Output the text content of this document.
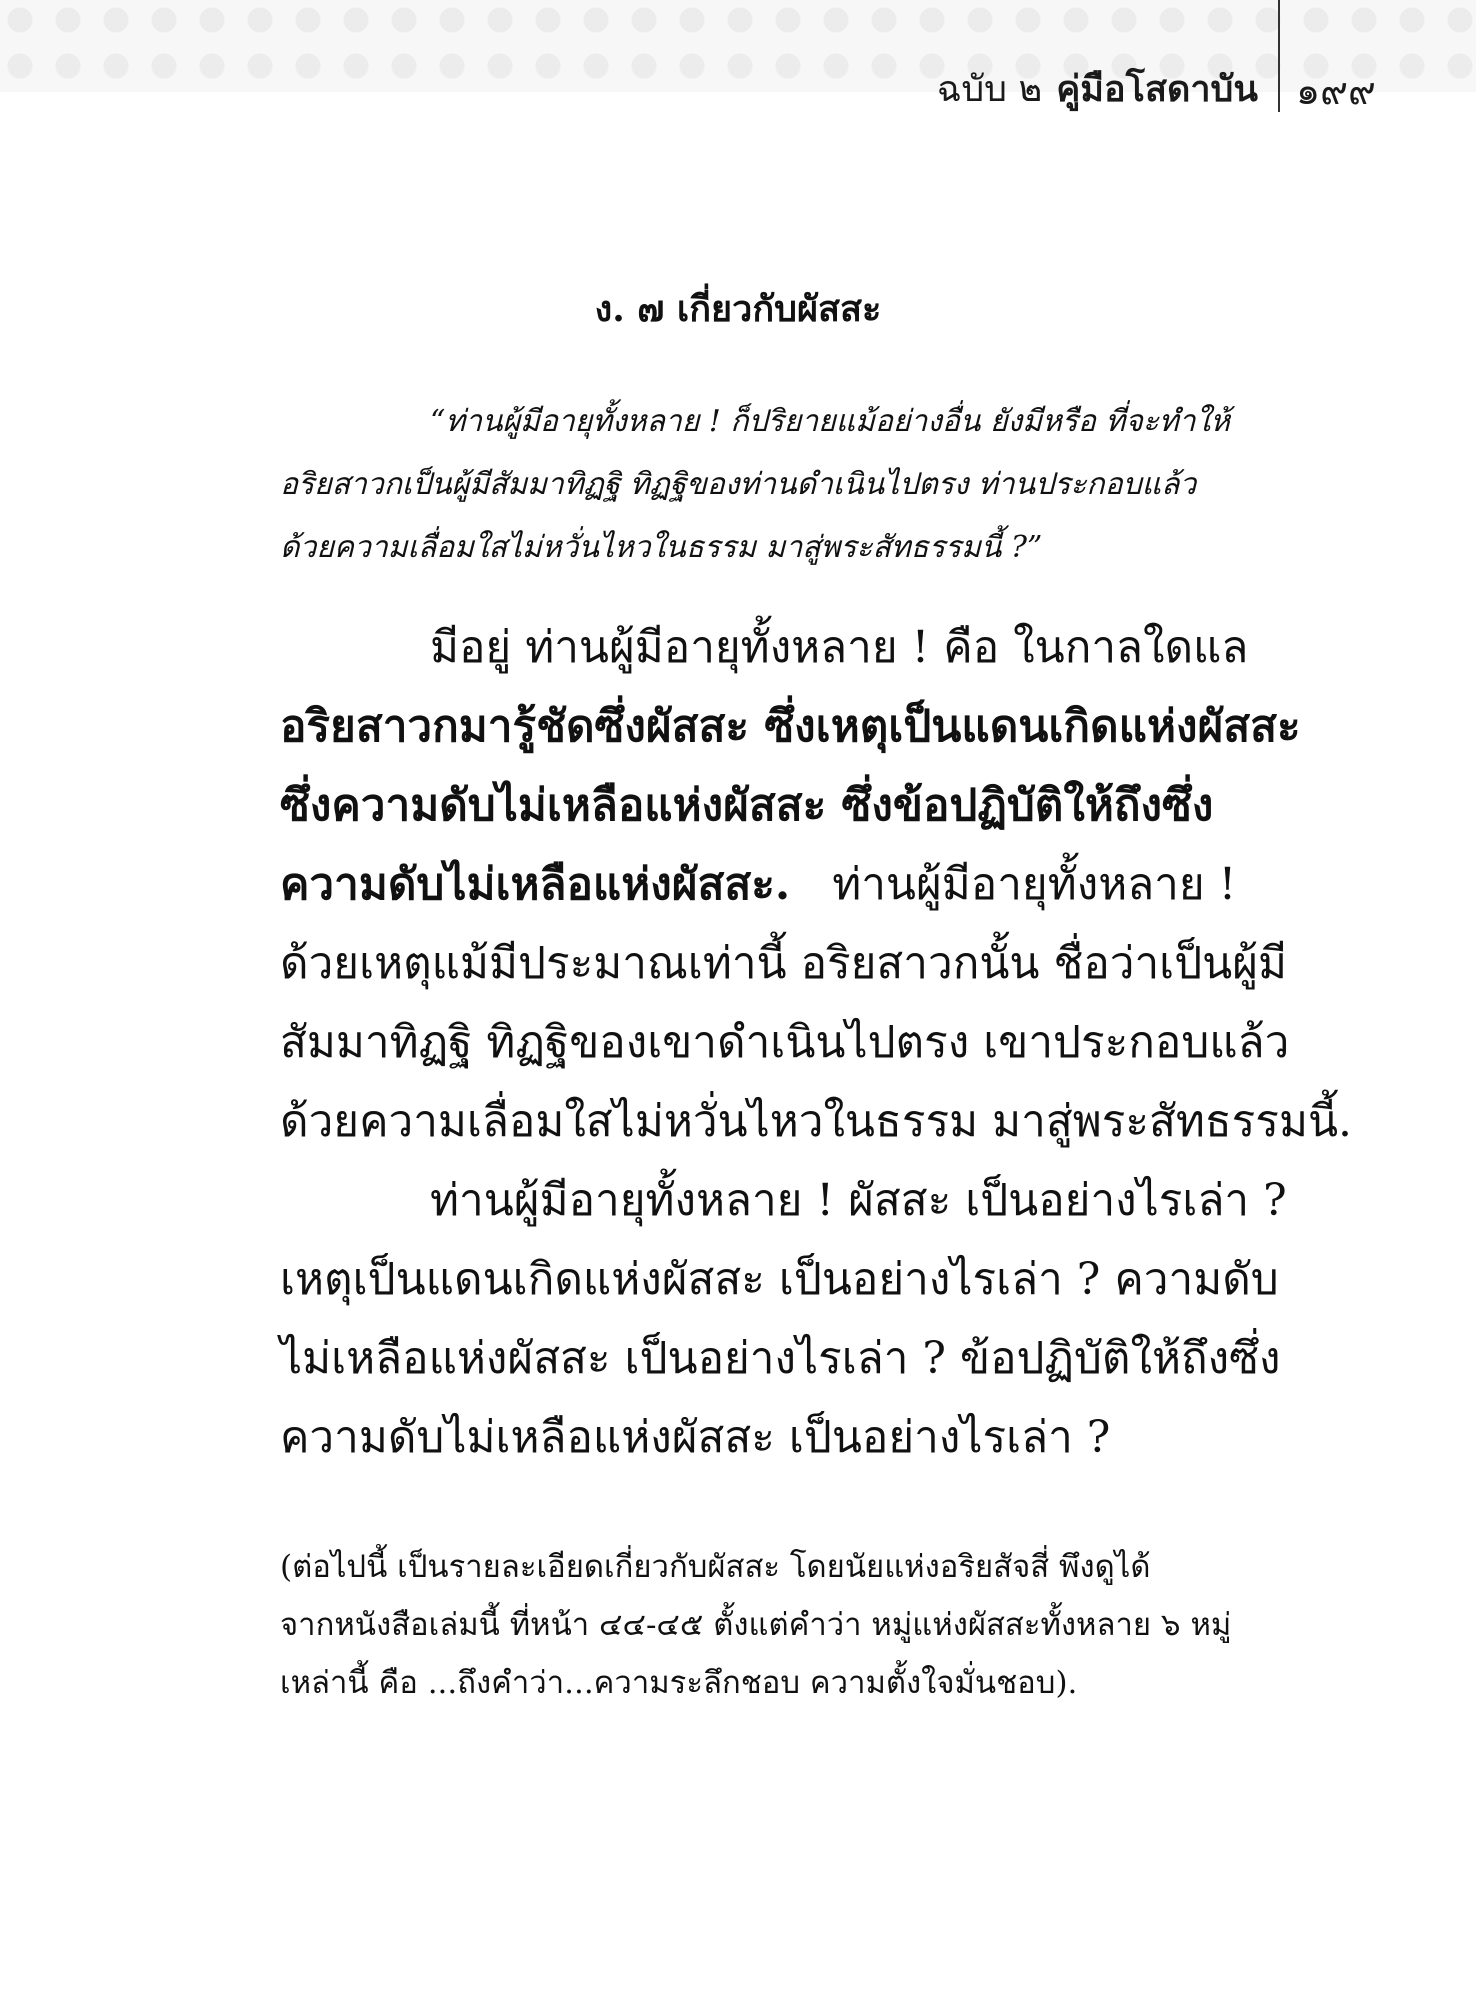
ฉบับ ๒ คู่มือโสดาบัน ๑๙๙
ง. ๗ เกี่ยวกับผัสสะ

“ท่านผู้มีอายุทั้งหลาย ! ก็ปริยายแม้อย่างอื่น ยังมีหรือ ที่จะทำให้

อริยสาวกเป็นผู้มีสัมมาทิฏฐิ ทิฏฐิของท่านดำเนินไปตรง ท่านประกอบแล้ว

ด้วยความเลื่อมใสไม่หวั่นไหวในธรรม มาสู่พระสัทธรรมนี้ ?”

มีอยู่ ท่านผู้มีอายุทั้งหลาย ! คือ ในกาลใดแล

อริยสาวกมารู้ชัดซึ่งผัสสะ ซึ่งเหตุเป็นแดนเกิดแห่งผัสสะ

ซึ่งความดับไม่เหลือแห่งผัสสะ ซึ่งข้อปฏิบัติให้ถึงซึ่ง

ความดับไม่เหลือแห่งผัสสะ. ท่านผู้มีอายุทั้งหลาย !

ด้วยเหตุแม้มีประมาณเท่านี้ อริยสาวกนั้น ชื่อว่าเป็นผู้มี

สัมมาทิฏฐิ ทิฏฐิของเขาดำเนินไปตรง เขาประกอบแล้ว

ด้วยความเลื่อมใสไม่หวั่นไหวในธรรม มาสู่พระสัทธรรมนี้.

ท่านผู้มีอายุทั้งหลาย ! ผัสสะ เป็นอย่างไรเล่า ?

เหตุเป็นแดนเกิดแห่งผัสสะ เป็นอย่างไรเล่า ? ความดับ

ไม่เหลือแห่งผัสสะ เป็นอย่างไรเล่า ? ข้อปฏิบัติให้ถึงซึ่ง

ความดับไม่เหลือแห่งผัสสะ เป็นอย่างไรเล่า ?

(ต่อไปนี้ เป็นรายละเอียดเกี่ยวกับผัสสะ โดยนัยแห่งอริยสัจสี่ พึงดูได้

จากหนังสือเล่มนี้ ที่หน้า ๔๔-๔๕ ตั้งแต่คำว่า หมู่แห่งผัสสะทั้งหลาย ๖ หมู่

เหล่านี้ คือ ...ถึงคำว่า...ความระลึกชอบ ความตั้งใจมั่นชอบ).
